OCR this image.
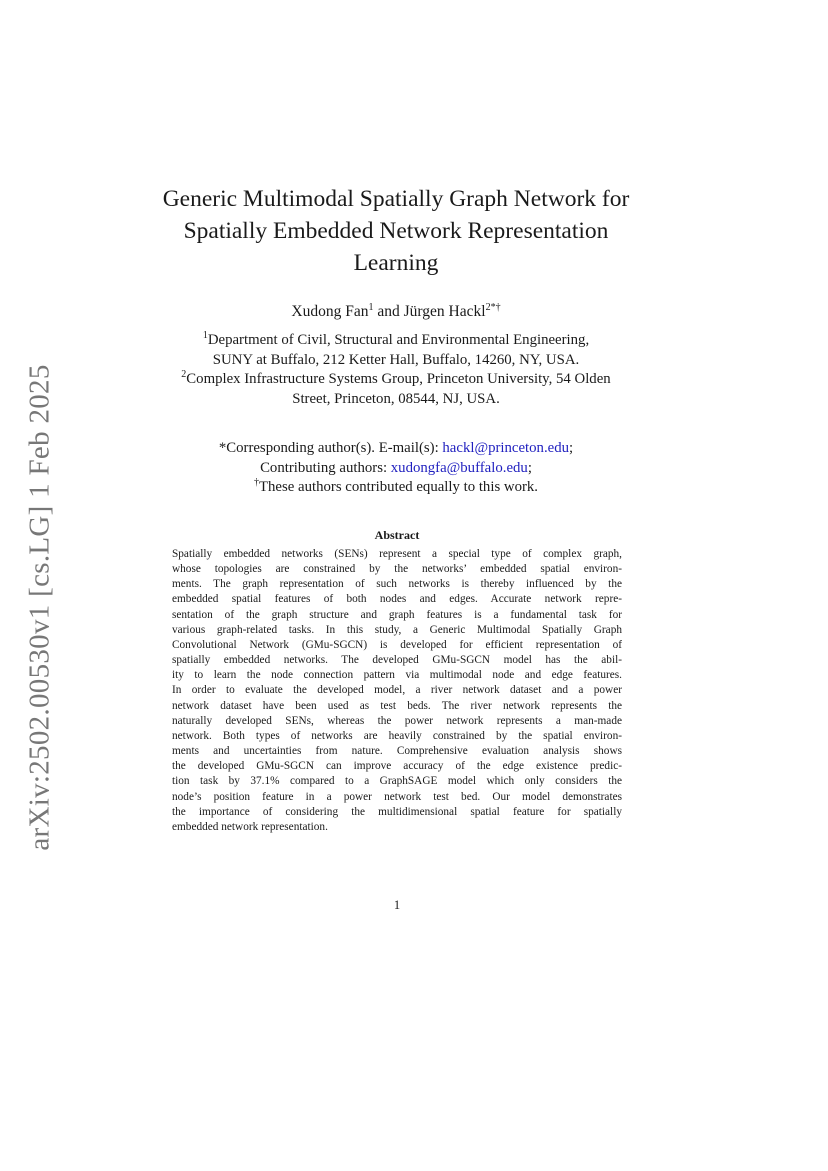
arXiv:2502.00530v1 [cs.LG] 1 Feb 2025
Generic Multimodal Spatially Graph Network for
Spatially Embedded Network Representation
Learning
Xudong Fan$^1$ and Jürgen Hackl$^{2*\dagger}$
$^1$Department of Civil, Structural and Environmental Engineering,
SUNY at Buffalo, 212 Ketter Hall, Buffalo, 14260, NY, USA.
$^2$Complex Infrastructure Systems Group, Princeton University, 54 Olden
Street, Princeton, 08544, NJ, USA.
*Corresponding author(s). E-mail(s): hackl@princeton.edu;
Contributing authors: xudongfa@buffalo.edu;
†These authors contributed equally to this work.
Abstract
Spatially embedded networks (SENs) represent a special type of complex graph,
whose topologies are constrained by the networks’ embedded spatial environ-
ments. The graph representation of such networks is thereby influenced by the
embedded spatial features of both nodes and edges. Accurate network repre-
sentation of the graph structure and graph features is a fundamental task for
various graph-related tasks. In this study, a Generic Multimodal Spatially Graph
Convolutional Network (GMu-SGCN) is developed for efficient representation of
spatially embedded networks. The developed GMu-SGCN model has the abil-
ity to learn the node connection pattern via multimodal node and edge features.
In order to evaluate the developed model, a river network dataset and a power
network dataset have been used as test beds. The river network represents the
naturally developed SENs, whereas the power network represents a man-made
network. Both types of networks are heavily constrained by the spatial environ-
ments and uncertainties from nature. Comprehensive evaluation analysis shows
the developed GMu-SGCN can improve accuracy of the edge existence predic-
tion task by 37.1% compared to a GraphSAGE model which only considers the
node’s position feature in a power network test bed. Our model demonstrates
the importance of considering the multidimensional spatial feature for spatially
embedded network representation.
1
